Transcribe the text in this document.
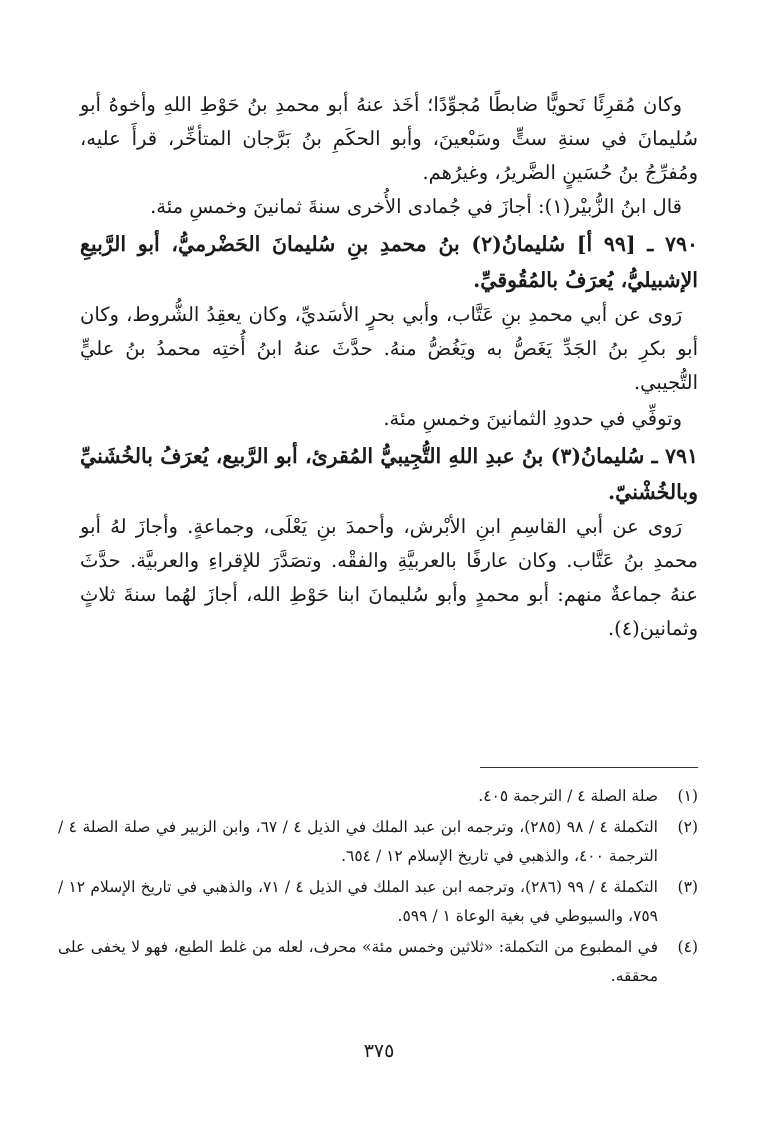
وكان مُقرِئًا نَحويًّا ضابطًا مُجوِّدًا؛ أخَذ عنهُ أبو محمدِ بنُ حَوْطِ اللهِ وأخوهُ أبو سُليمانَ في سنةِ ستٍّ وسَبْعينَ، وأبو الحكَمِ بنُ بَرَّجان المتأخِّر، قرأَ عليه، ومُفرِّجُ بنُ حُسَينٍ الضَّريرُ، وغيرُهم.

قال ابنُ الزُّبيْر(١): أجازَ في جُمادى الأُخرى سنةَ ثمانينَ وخمسِ مئة.

٧٩٠ ـ [٩٩ أ] سُليمانُ(٢) بنُ محمدِ بنِ سُليمانَ الحَضْرميُّ، أبو الرَّبيعِ الإشبيليُّ، يُعرَفُ بالمُقُوقيِّ.

رَوى عن أبي محمدِ بنِ عَتَّاب، وأبي بحرٍ الأسَديِّ، وكان يعقِدُ الشُّروط، وكان أبو بكرِ بنُ الجَدِّ يَغَصُّ به ويَغُضُّ منهُ. حدَّثَ عنهُ ابنُ أُختِه محمدُ بنُ عليٍّ التُّجيبي.

وتوفِّي في حدودِ الثمانينَ وخمسِ مئة.

٧٩١ ـ سُليمانُ(٣) بنُ عبدِ اللهِ التُّجِيبيُّ المُقرئ، أبو الرَّبيع، يُعرَفُ بالخُشَنيِّ وبالخُشْنيّ.

رَوى عن أبي القاسِمِ ابنِ الأبْرش، وأحمدَ بنِ يَعْلَى، وجماعةٍ. وأجازَ لهُ أبو محمدِ بنُ عَتَّاب. وكان عارفًا بالعربيَّةِ والفقْه. وتصَدَّرَ للإقراءِ والعربيَّة. حدَّثَ عنهُ جماعةٌ منهم: أبو محمدٍ وأبو سُليمانَ ابنا حَوْطِ الله، أجازَ لهُما سنةَ ثلاثٍ وثمانين(٤).

(١)
صلة الصلة ٤ / الترجمة ٤٠٥.
(٢)
التكملة ٤ / ٩٨ (٢٨٥)، وترجمه ابن عبد الملك في الذيل ٤ / ٦٧، وابن الزبير في صلة الصلة ٤ / الترجمة ٤٠٠، والذهبي في تاريخ الإسلام ١٢ / ٦٥٤.
(٣)
التكملة ٤ / ٩٩ (٢٨٦)، وترجمه ابن عبد الملك في الذيل ٤ / ٧١، والذهبي في تاريخ الإسلام ١٢ / ٧٥٩، والسيوطي في بغية الوعاة ١ / ٥٩٩.
(٤)
في المطبوع من التكملة: «ثلاثين وخمس مئة» محرف، لعله من غلط الطبع، فهو لا يخفى على محققه.
٣٧٥
